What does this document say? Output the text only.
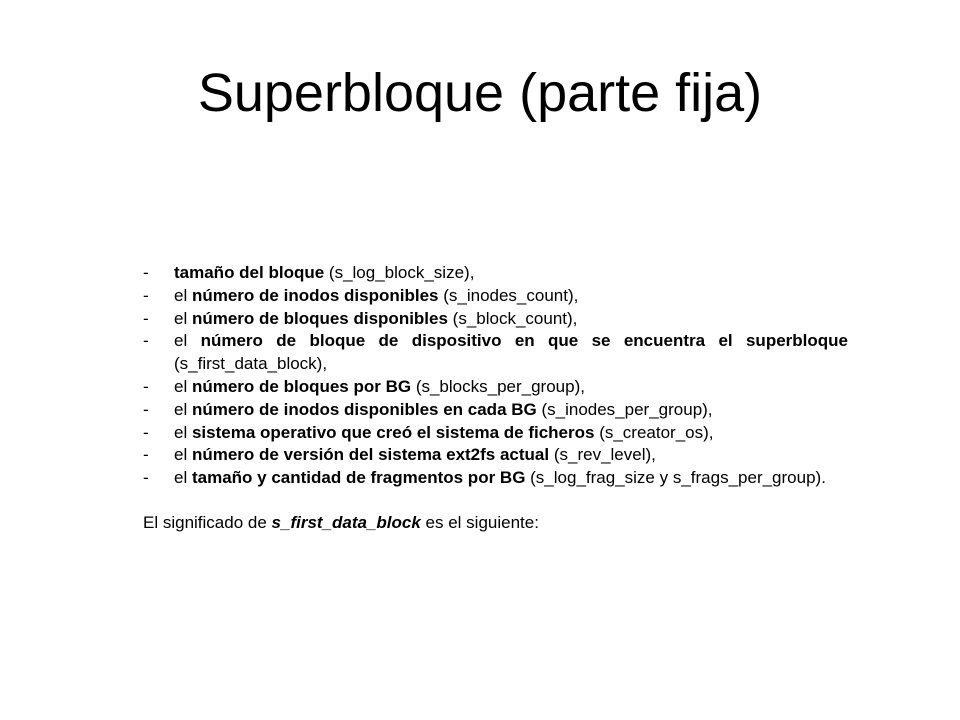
Superbloque (parte fija)
- tamaño del bloque (s_log_block_size),
- el número de inodos disponibles (s_inodes_count),
- el número de bloques disponibles (s_block_count),
- el número de bloque de dispositivo en que se encuentra el superbloque (s_first_data_block),
- el número de bloques por BG (s_blocks_per_group),
- el número de inodos disponibles en cada BG (s_inodes_per_group),
- el sistema operativo que creó el sistema de ficheros (s_creator_os),
- el número de versión del sistema ext2fs actual (s_rev_level),
- el tamaño y cantidad de fragmentos por BG (s_log_frag_size y s_frags_per_group).
El significado de s_first_data_block es el siguiente:
